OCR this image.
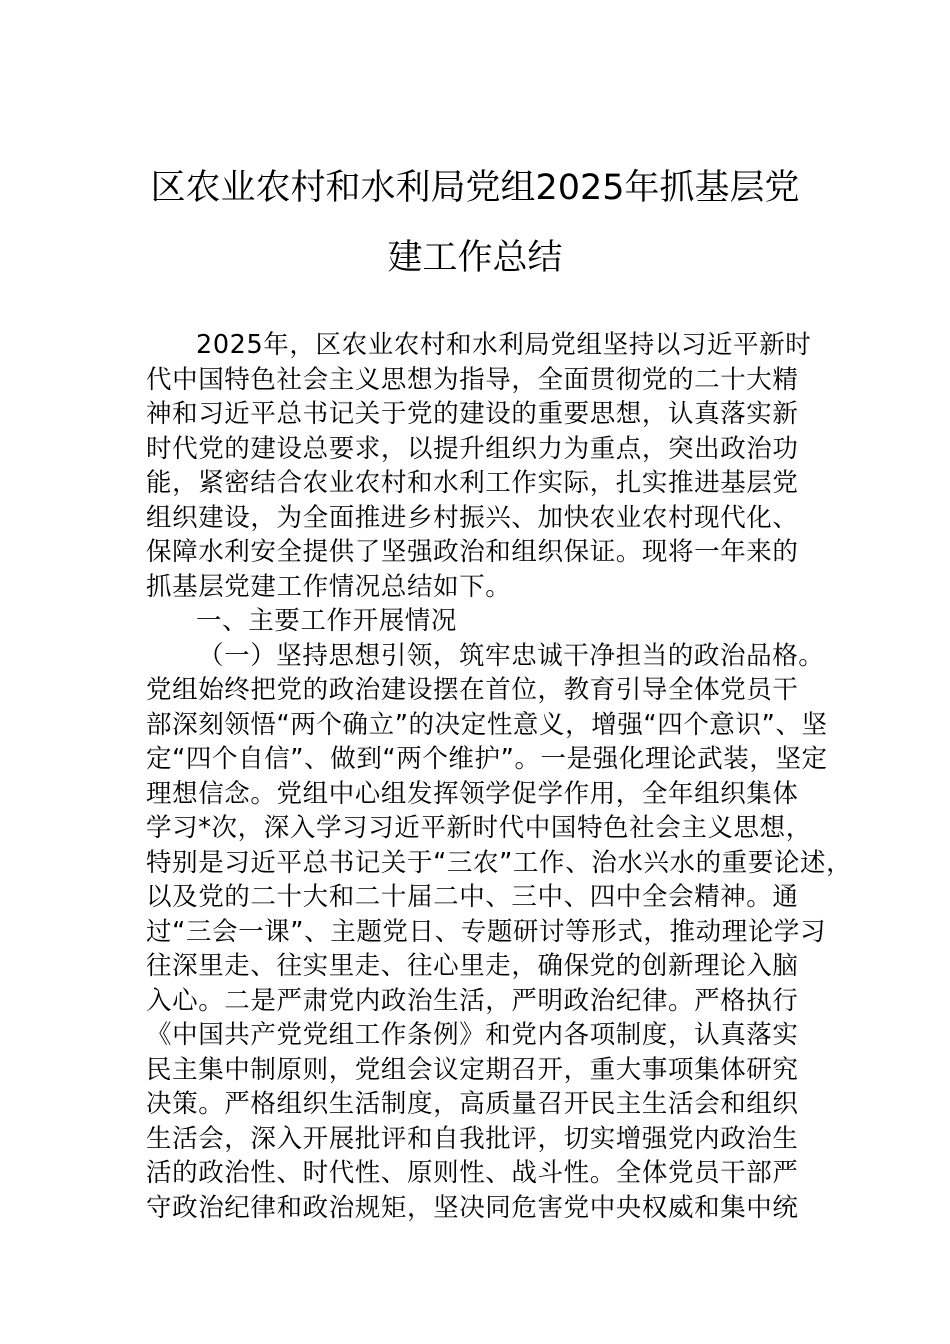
区农业农村和水利局党组2025年抓基层党
建工作总结
2025年，区农业农村和水利局党组坚持以习近平新时
代中国特色社会主义思想为指导，全面贯彻党的二十大精
神和习近平总书记关于党的建设的重要思想，认真落实新
时代党的建设总要求，以提升组织力为重点，突出政治功
能，紧密结合农业农村和水利工作实际，扎实推进基层党
组织建设，为全面推进乡村振兴、加快农业农村现代化、
保障水利安全提供了坚强政治和组织保证。现将一年来的
抓基层党建工作情况总结如下。
一、主要工作开展情况
（一）坚持思想引领，筑牢忠诚干净担当的政治品格。
党组始终把党的政治建设摆在首位，教育引导全体党员干
部深刻领悟“两个确立”的决定性意义，增强“四个意识”、坚
定“四个自信”、做到“两个维护”。一是强化理论武装，坚定
理想信念。党组中心组发挥领学促学作用，全年组织集体
学习*次，深入学习习近平新时代中国特色社会主义思想，
特别是习近平总书记关于“三农”工作、治水兴水的重要论述，
以及党的二十大和二十届二中、三中、四中全会精神。通
过“三会一课”、主题党日、专题研讨等形式，推动理论学习
往深里走、往实里走、往心里走，确保党的创新理论入脑
入心。二是严肃党内政治生活，严明政治纪律。严格执行
《中国共产党党组工作条例》和党内各项制度，认真落实
民主集中制原则，党组会议定期召开，重大事项集体研究
决策。严格组织生活制度，高质量召开民主生活会和组织
生活会，深入开展批评和自我批评，切实增强党内政治生
活的政治性、时代性、原则性、战斗性。全体党员干部严
守政治纪律和政治规矩，坚决同危害党中央权威和集中统
